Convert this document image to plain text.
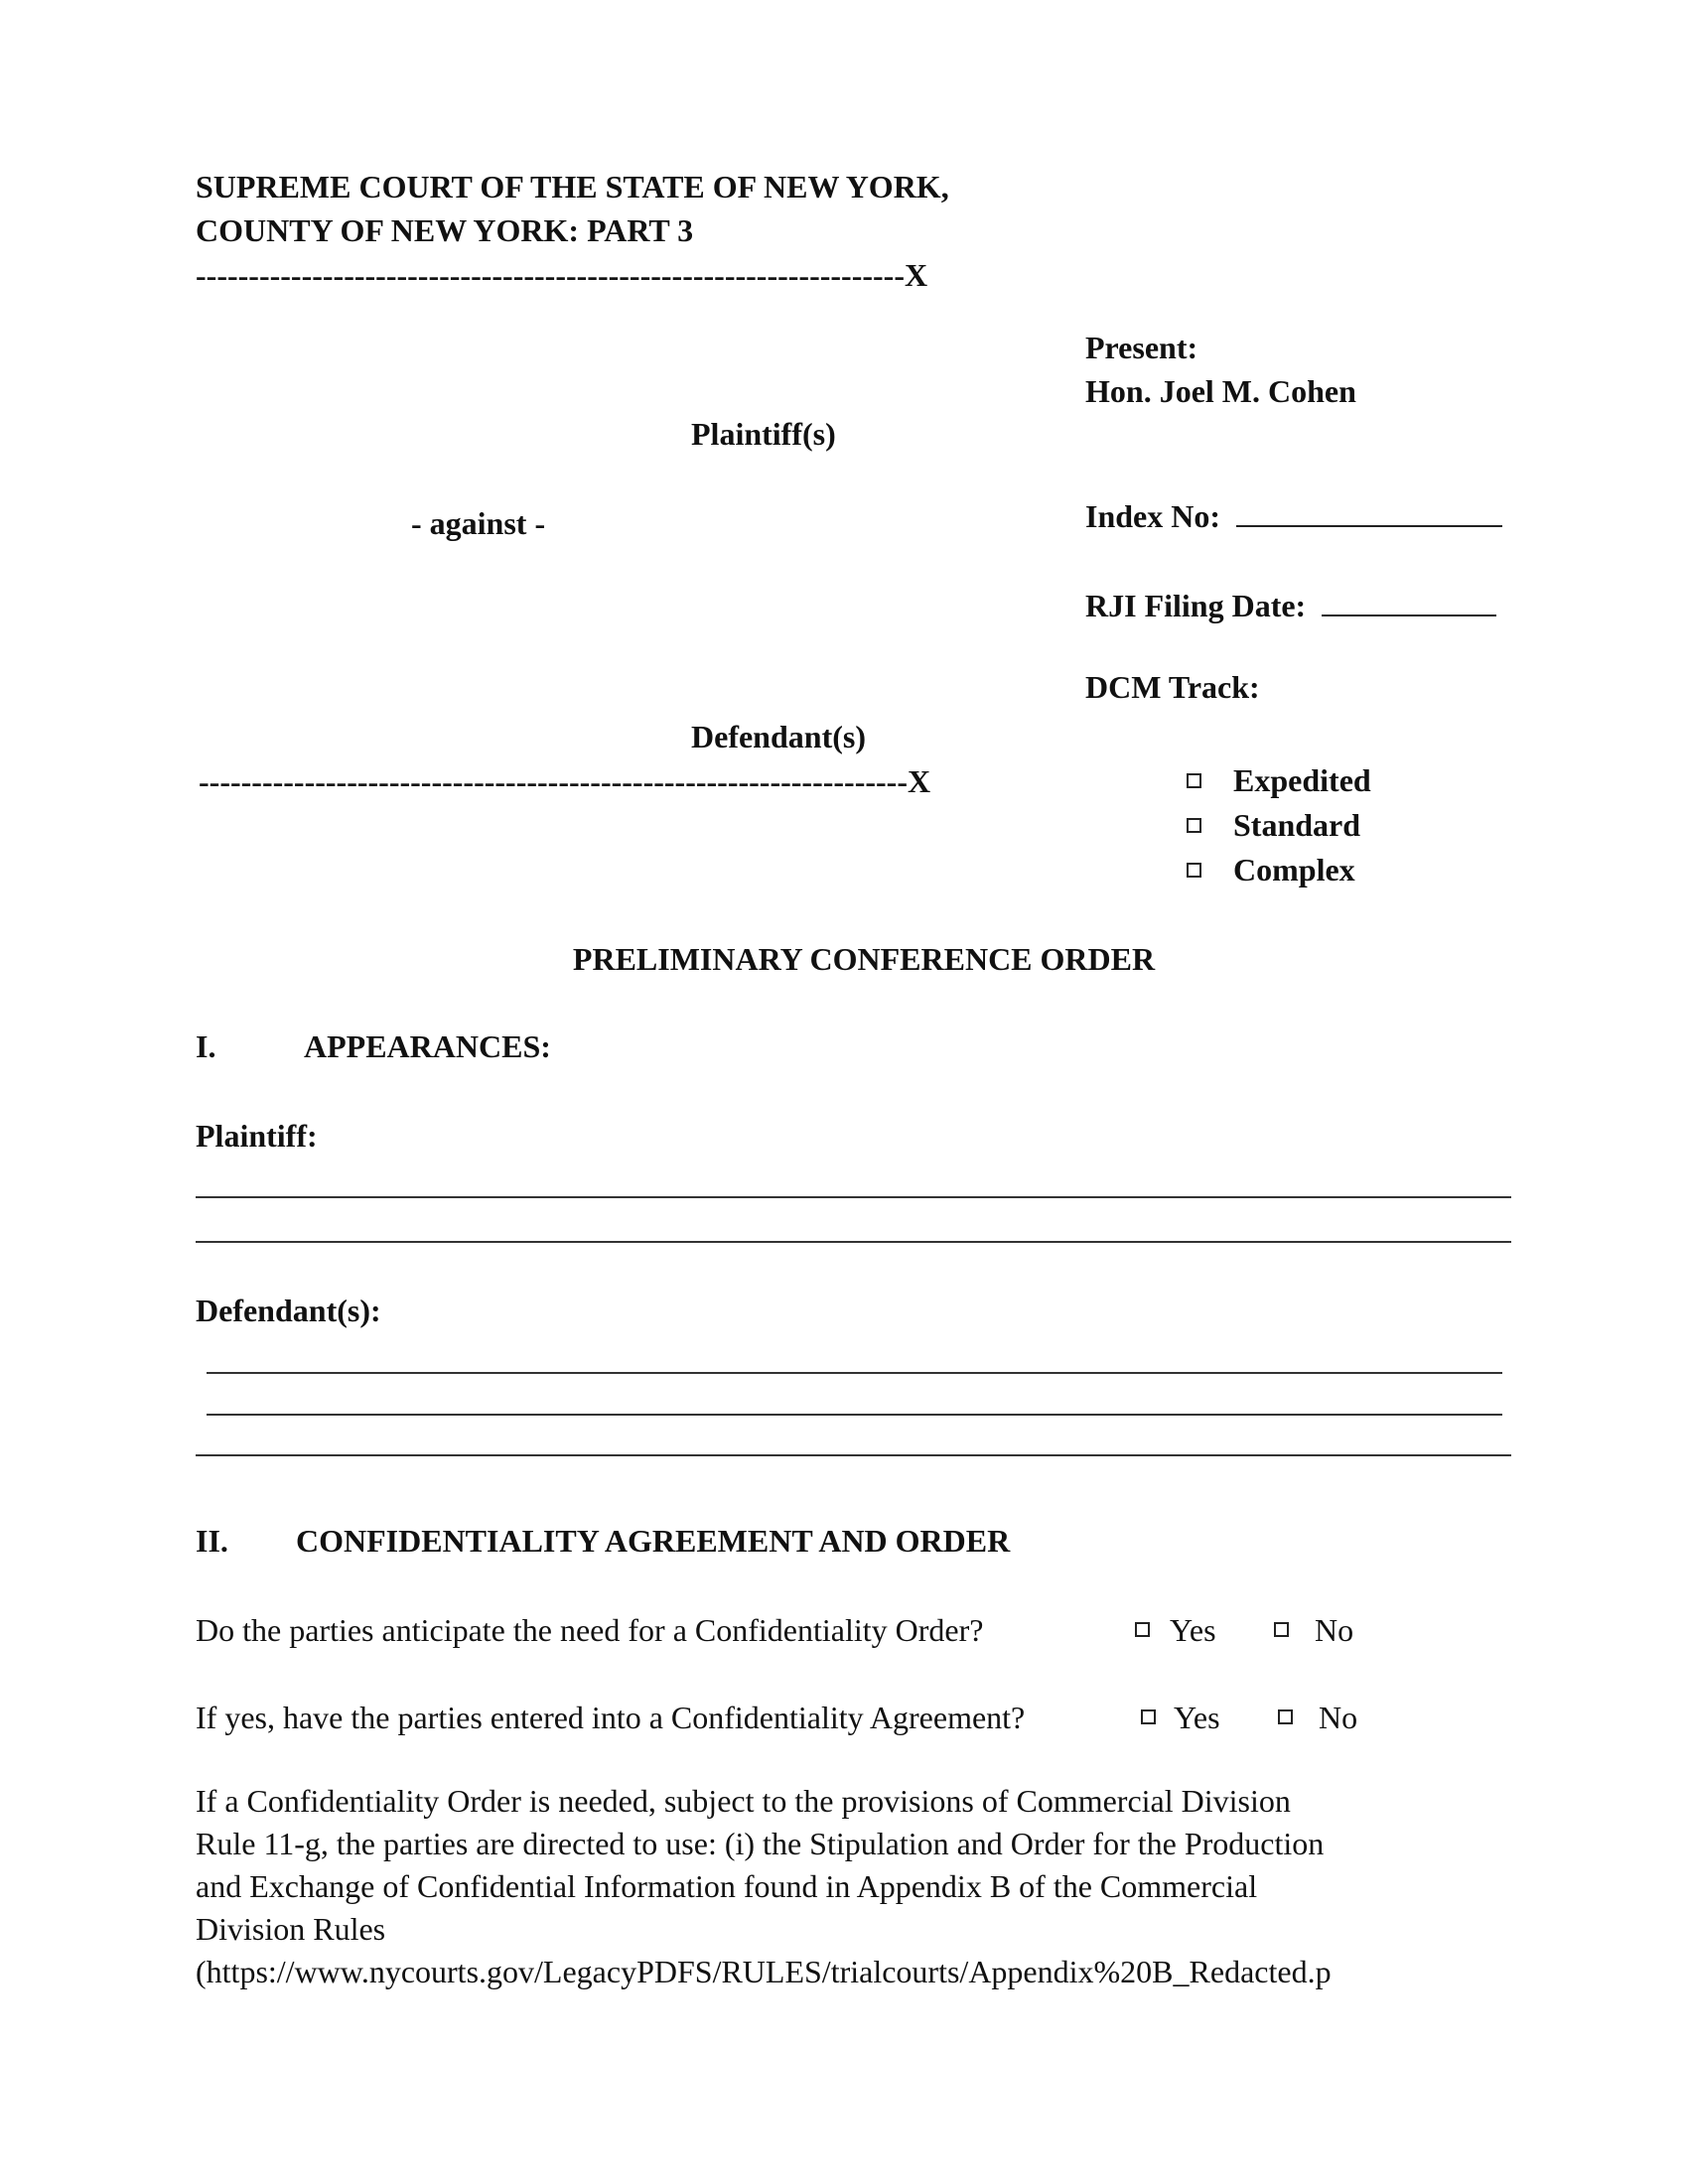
SUPREME COURT OF THE STATE OF NEW YORK,
COUNTY OF NEW YORK: PART 3
-------------------------------------------------------------------X
Plaintiff(s)
- against -
Defendant(s)
-------------------------------------------------------------------X
Present:
Hon. Joel M. Cohen
Index No:
RJI Filing Date:
DCM Track:
Expedited
Standard
Complex
PRELIMINARY CONFERENCE ORDER
I.	APPEARANCES:
Plaintiff:
Defendant(s):
II. CONFIDENTIALITY AGREEMENT AND ORDER
Do the parties anticipate the need for a Confidentiality Order?	Yes	No
If yes, have the parties entered into a Confidentiality Agreement?	Yes	No
If a Confidentiality Order is needed, subject to the provisions of Commercial Division
Rule 11-g, the parties are directed to use: (i) the Stipulation and Order for the Production
and Exchange of Confidential Information found in Appendix B of the Commercial
Division Rules
(https://www.nycourts.gov/LegacyPDFS/RULES/trialcourts/Appendix%20B_Redacted.p
